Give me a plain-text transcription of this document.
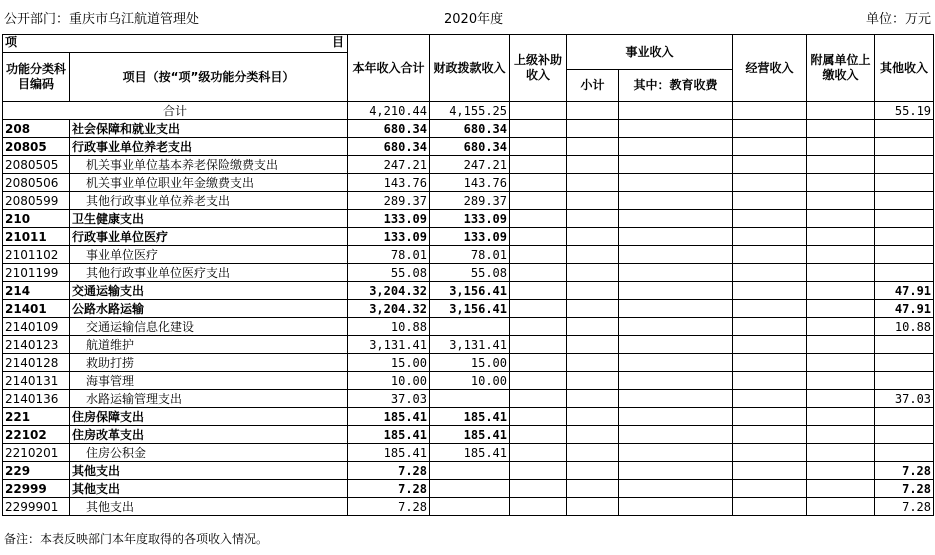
公开部门：重庆市乌江航道管理处	2020年度	单位：万元
项 目		本年收入合计	财政拨款收入	上级补助收入	事业收入		经营收入	附属单位上缴收入	其他收入
功能分类科目编码	项目（按“项”级功能分类科目）								
					小计	其中：教育收费			
合计		4,210.44	4,155.25						55.19
208	社会保障和就业支出	680.34	680.34						
20805	行政事业单位养老支出	680.34	680.34						
2080505	机关事业单位基本养老保险缴费支出	247.21	247.21						
2080506	机关事业单位职业年金缴费支出	143.76	143.76						
2080599	其他行政事业单位养老支出	289.37	289.37						
210	卫生健康支出	133.09	133.09						
21011	行政事业单位医疗	133.09	133.09						
2101102	事业单位医疗	78.01	78.01						
2101199	其他行政事业单位医疗支出	55.08	55.08						
214	交通运输支出	3,204.32	3,156.41						47.91
21401	公路水路运输	3,204.32	3,156.41						47.91
2140109	交通运输信息化建设	10.88							10.88
2140123	航道维护	3,131.41	3,131.41						
2140128	救助打捞	15.00	15.00						
2140131	海事管理	10.00	10.00						
2140136	水路运输管理支出	37.03							37.03
221	住房保障支出	185.41	185.41						
22102	住房改革支出	185.41	185.41						
2210201	住房公积金	185.41	185.41						
229	其他支出	7.28							7.28
22999	其他支出	7.28							7.28
2299901	其他支出	7.28							7.28
备注：本表反映部门本年度取得的各项收入情况。
